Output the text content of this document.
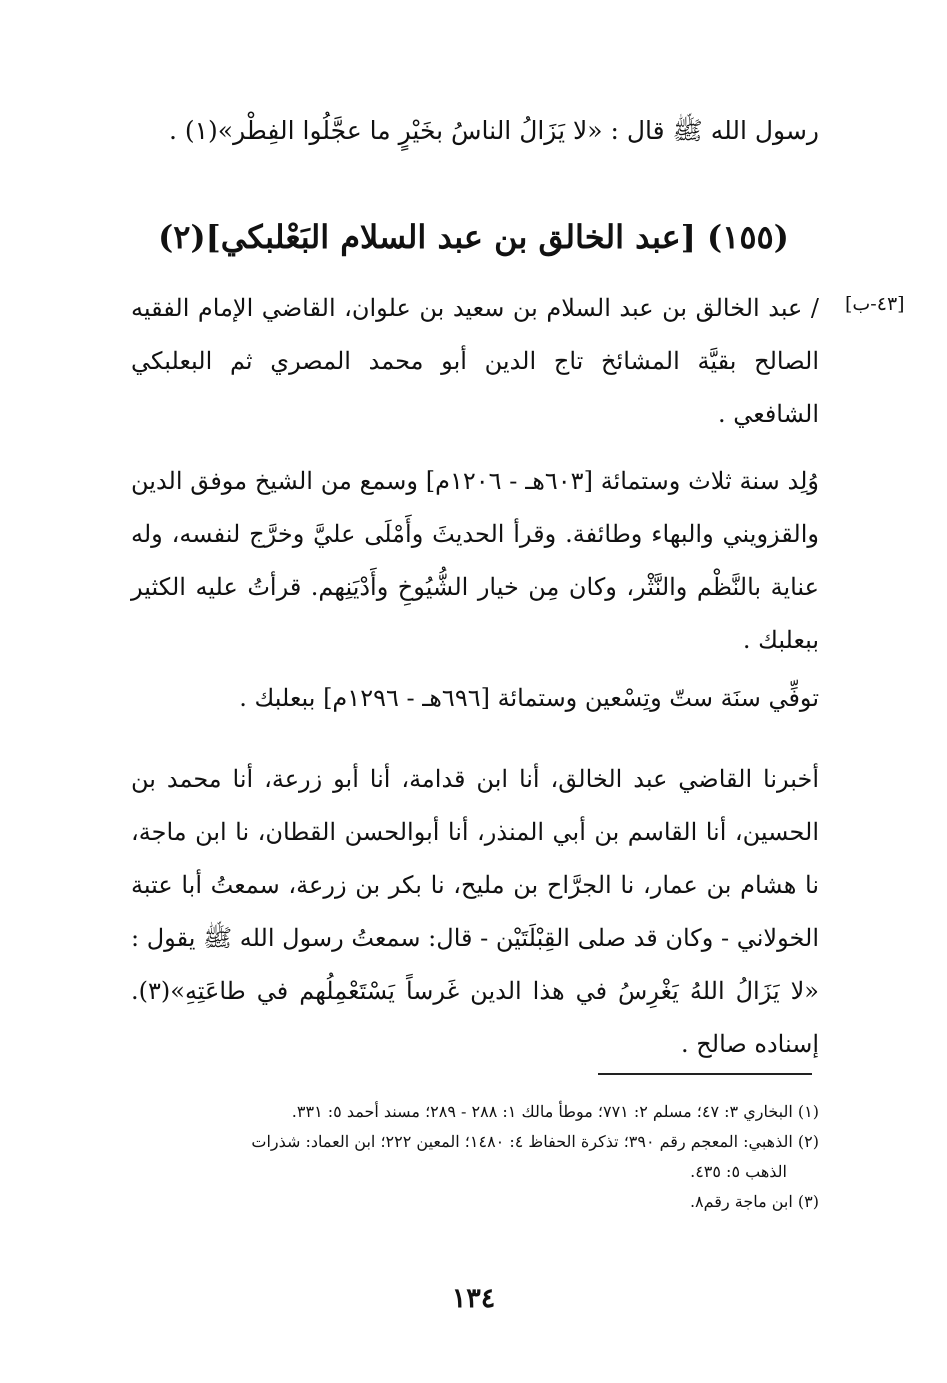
رسول الله ﷺ قال : «لا يَزَالُ الناسُ بخَيْرٍ ما عجَّلُوا الفِطْر»(١) .
(١٥٥) [عبد الخالق بن عبد السلام البَعْلبكي](٢)
[٤٣-ب]

/ عبد الخالق بن عبد السلام بن سعيد بن علوان، القاضي الإمام الفقيه الصالح بقيَّة المشائخ تاج الدين أبو محمد المصري ثم البعلبكي الشافعي .

وُلِد سنة ثلاث وستمائة [٦٠٣هـ - ١٢٠٦م] وسمع من الشيخ موفق الدين والقزويني والبهاء وطائفة. وقرأ الحديثَ وأَمْلَى عليَّ وخرَّج لنفسه، وله عناية بالنَّظْم والنَّثْر، وكان مِن خيار الشُّيُوخِ وأَدْيَنِهم. قرأتُ عليه الكثير ببعلبك .

توفِّي سنَة ستّ وتِسْعين وستمائة [٦٩٦هـ - ١٢٩٦م] ببعلبك .

أخبرنا القاضي عبد الخالق، أنا ابن قدامة، أنا أبو زرعة، أنا محمد بن الحسين، أنا القاسم بن أبي المنذر، أنا أبوالحسن القطان، نا ابن ماجة، نا هشام بن عمار، نا الجرَّاح بن مليح، نا بكر بن زرعة، سمعتُ أبا عتبة الخولاني - وكان قد صلى القِبْلَتَيْن - قال: سمعتُ رسول الله ﷺ يقول : «لا يَزَالُ اللهُ يَغْرِسُ في هذا الدين غَرساً يَسْتَعْمِلُهم في طاعَتِهِ»(٣). إسناده صالح .

(١) البخاري ٣: ٤٧؛ مسلم ٢: ٧٧١؛ موطأ مالك ١: ٢٨٨ - ٢٨٩؛ مسند أحمد ٥: ٣٣١.
(٢) الذهبي: المعجم رقم ٣٩٠؛ تذكرة الحفاظ ٤: ١٤٨٠؛ المعين ٢٢٢؛ ابن العماد: شذرات
الذهب ٥: ٤٣٥.
(٣) ابن ماجة رقم٨.
١٣٤
